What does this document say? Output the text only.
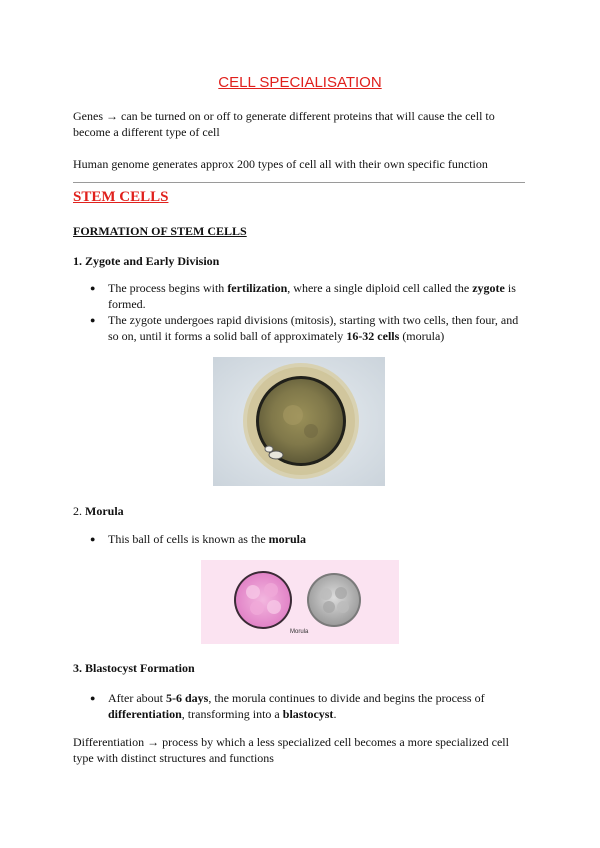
CELL SPECIALISATION
Genes → can be turned on or off to generate different proteins that will cause the cell to become a different type of cell
Human genome generates approx 200 types of cell all with their own specific function
STEM CELLS
FORMATION OF STEM CELLS
1. Zygote and Early Division
● The process begins with fertilization, where a single diploid cell called the zygote is formed.
● The zygote undergoes rapid divisions (mitosis), starting with two cells, then four, and so on, until it forms a solid ball of approximately 16-32 cells (morula)
2. Morula
● This ball of cells is known as the morula
Morula
3. Blastocyst Formation
● After about 5-6 days, the morula continues to divide and begins the process of differentiation, transforming into a blastocyst.
Differentiation → process by which a less specialized cell becomes a more specialized cell type with distinct structures and functions
